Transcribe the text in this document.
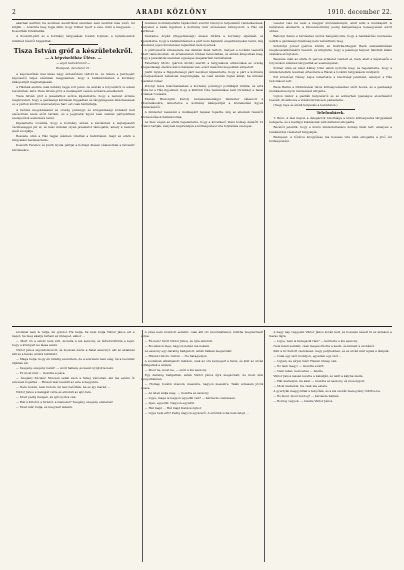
2	ARADI KÖZLÖNY	1910. december 22.

akarnak kerülni; ha azonban Ausztriával szemben nem leszünk más védő, mi kötjük ... Ausztria meg fogja látni, hogy többet nyert a vele, mint a kiegyezés ... Kossuthék fölvállalták.

A Kossuth-párt és a kormány tárgyalásai tovább folynak, a nyilatkozatok mindkét részről higgadtak.

Tisza István gróf a készületekről.
— A képviselőház Ülése. —
— saját tudósítónktól —
Budapest, december 21.

A képviselőház mai ülése nagy érdeklődést váltott ki. Az ülésre a Justh-párt képviselői teljes számban megjelentek, hogy a bankkérdésben a kormány álláspontját meghallgassák.

A Háznak eleinte csak néhány tagja volt jelen, de azután a folyosókról is sokan betódultak, mire Tisza István gróf, a munkapárt vezére szólásra emelkedett.

Tisza István gróf a javaslathoz szólva kijelentette, hogy a nemzet érdeke megköveteli, hogy a gazdasági kérdések higgadtan és tárgyilagosan intéztessenek el, a pártok közötti szenvedélyes harc ezt csak hátráltatja.

A kérdés megoldásánál az ország pénzügyi és közgazdasági érdekeit kell elsősorban szem előtt tartani, és a jegybank ügyét nem szabad pártpolitikai szempontok eszközévé tenni.

Kijelentette továbbá, hogy a kormány ebben a kérdésben a legteljesebb őszinteséggel jár el, és kész minden olyan javaslatot támogatni, amely a nemzet javát szolgálja.

Beszéde után a Ház tagjai élénken vitatták a hallottakat, majd az elnök a tárgyalást berekesztette.

Kossuth Ferencz és Justh Gyula pártjai a holnapi ülésen válaszolnak a felvetett kérdésekre.

rendelet kormányelnöki tájékoztató szerint bizonyos terjedelmű rendelkezések, melyeket a bank ügyében a kormány már előzetesen kidolgozott, a Ház elé kerülnek.

Szabados Árpád (függetlenségi) élesen bírálta a kormány eljárását, és kijelentette, hogy a bankkérdésben a párt nem hajlandó engedményeket tenni, míg a nemzet jogos követelései teljesítést nem nyernek.

A pártvezetők értekezlete ma délután ülést tartott, melyen a további teendők felett tanácskoztak. Az értekezleten többen felszólaltak, és abban állapodtak meg, hogy a javaslattal szemben egységes magatartást tanúsítanak.

Esterházy Móric (párton kívüli) szerint a tárgyalások elhúzódása az ország közgazdasági életére káros hatással van, ezért mielőbbi megoldást sürgetett.

Justh Gyula a függetlenségi párt nevében kijelentette, hogy a párt a kormány előterjesztéseit behatóan megvizsgálja, és csak azután foglal állást, ha minden részletet ismer.

Polónyi Géza felszólalásában a kormány pénzügyi politikáját bírálta, és arra hívta fel a Ház figyelmét, hogy a külföldi tőke beáramlása nem történhet a hazai érdekek rovására.

Ezután Hieronymi Károly kereskedelemügyi miniszter válaszolt a felszólalásokra, ismertetve a kormány álláspontját a közlekedési ügyek rendezéséről.

A miniszter beszédét a munkapárt tapssal fogadta, míg az ellenzék részéről közbeszólások hallatszottak.

Az ülés végén az elnök bejelentette, hogy a következő ülést holnap délelőtt 10 órakor tartják, melynek napirendjén a költségvetési vita folytatása szerepel.

vezetet vele fel nem a magyar közvéleményét, amit adni a munkapárt is kénytelen elismerni, a Khuen-kormány pedig hallgatólagos beleegyezést adott ehhez.

Bakonyi Samu a kérdéshez szólva hangsúlyozta, hogy a bankkérdés rendezése nélkül a gazdasági önállóság nem valósítható meg.

Szterényi József (párton kívüli) az Osztrák-Magyar Bank szabadalmának meghosszabbításáról beszélt, és kifejtette, hogy a jelenlegi helyzet mindkét állam számára előnytelen.

Beszéde után az elnök öt perces szünetet rendelt el, mely alatt a képviselők a folyosókon élénken tárgyalták az eseményeket.

Szünet után az ülést Kállay Ubul elnök nyitotta meg, és bejelentette, hogy a miniszterelnök levélben értesítette a Házat a további tárgyalások módjáról.

Ezt követően Návay Lajos ismertette a bizottsági jelentést, amelyet a Ház tudomásul vett.

Buza Barna a földmívelési tárca költségvetéséhez szólt hozzá, és a gazdasági munkásviszonyok rendezését sürgette.

Ugron Gábor a gazdák helyzetéről és az adóterhek igazságos elosztásáról beszélt, hivatkozva a vidéki birtokosok panaszaira.

(Nagy taps és élénk helyeslés a baloldalon.)

Telefonhírek.

T. Bécs: A mai napon a delegációk bizottsága a közös költségvetés tárgyalását befejezte, és a hadügyi kiadásokat változatlanul elfogadta.

Bécsből jelentik, hogy a közös minisztertanács holnap ülést tart, amelyen a bankkérdés részleteit tárgyalják.

Budapest: A főváros közgyűlése ma hosszas vita után elfogadta a jövő évi költségvetést.

szombat nem is tudja, mi gondol. Ha tudja, ha nem tudja Viktor János ezt a napot, ha meg akarja tartani az ünnepet, akkor ...

— Mert ön a szívét nem érti, mondta a kis asszony, és félrefordította a fejét, hogy a könnyeit ne lássa senki.

Viktor János elgondolkozott, és hosszan nézte a fiatal asszonyt, aki az ablaknál állt és a havas utcára tekintett.

— Maga tudja, hogy én mindig szerettem, de a szerelem nem elég, ha a becsület útjában áll.

— Szegény, szegény barát! — szólt halkan, és kezét nyújtotta neki.

— Ez most már ... mondta a páva.

— Szegény fiúcska! Nincsen senki azon a hideg városban, aki ma estére őt szívesen fogadná ... Hiszen már leszállt az este a hegyekre.

— Nem tudom, nem tudom, mi lesz belőlünk, ha ez így marad ...

Viktor János a kalapját vette és elindult az ajtó felé.

— Most pedig menjen, az ajtó nyitva van.

— Hát a Kristóf, a Kristóf, a Demeter? Szegény, szegény emberek!

— Most már tudja, és meg kell tanulni.

A páva nem mondott semmit, csak állt ott mozdulatlanul, mintha megdermedt volna.

— Én nem! Szólt Viktor János, és újra elindult.

— Bocsásson meg, nagyon nehéz ma nekem.

Az asszony egy darabig hallgatott, aztán halkan megszólalt:

— Hiszen tudom, tudom ... Ne haragudjon.

A szobában elhallgatott minden, csak az óra ketyegett a falon, és kint az utcán csilingeltek a szánok.

— Most ne, most ne, — szólt a kis asszony.

Egy darabig hallgattak, aztán Viktor János újra megszólalt, de most már nyugodtabban.

— Holnap tovább utazom, messzire, nagyon messzire. Talán sohasem jövök vissza.

— Az isten áldja meg, — mondta az asszony.

— Ugye, maga is nagyon egyedül van? — kérdezte csendesen.

— Igen, egyedül. Nagyon egyedül.

— Hát majd ... Hát majd Karácsonykor.

— Ugye nem érti? Pedig nagyon egyszerű. A szívünk soha nem felejt ...

A nagy nap reggelén Viktor János korán kelt, és hosszan nézett ki az ablakon a havas tájra.

— Ugye, nem is haragszik rám? — kérdezte a kis asszony.

Nem felelt semmit, csak megszorította a kezét, és kiment a szobából.

Kint a hó hullott csendesen, nagy pelyhekben, és az utcán már égtek a lámpák.

— Csak egy szót mondjon, egyetlen egy szót ...

— Ugyan, ne sírjon már! Hiszen ünnep van.

— Ez nem megy! — mondta a férfi.

— Nem lehet, nem lehet — felelte.

Viktor János lassan levette a kabátját, és leült a kályha mellé.

— Hát maradjon, ha akar — mondta az asszony, és mosolygott.

— Most maradok. De csak ma estére.

A gyertyák meggyúltak a fenyőfán, és a kis szobát meleg fény töltötte be.

— És most, most boldog? — kérdezte halkan.

— Boldog vagyok, — felelte Viktor János.
